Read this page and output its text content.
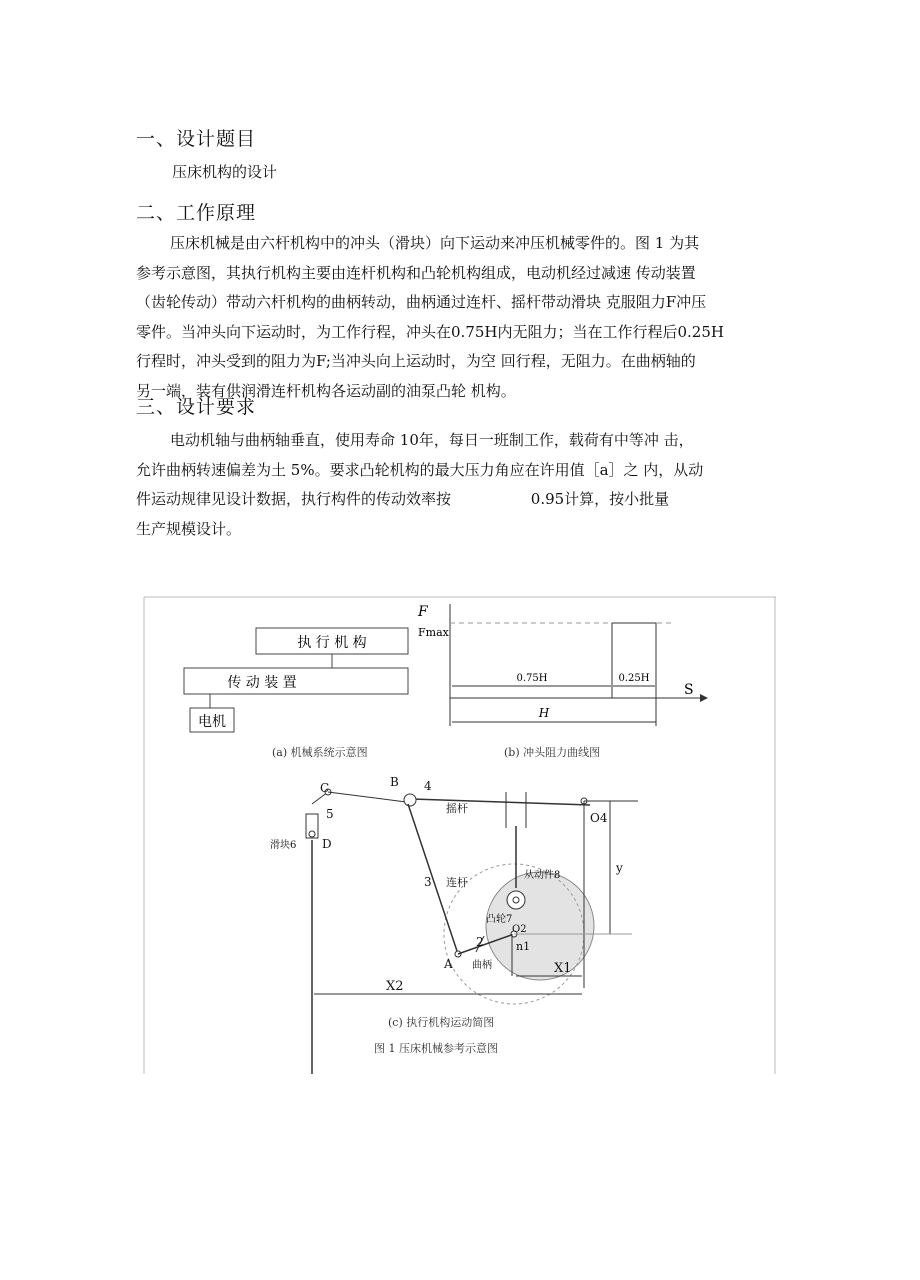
一、设计题目
压床机构的设计
二、工作原理

压床机械是由六杆机构中的冲头（滑块）向下运动来冲压机械零件的。图 1 为其

参考示意图，其执行机构主要由连杆机构和凸轮机构组成，电动机经过减速 传动装置

（齿轮传动）带动六杆机构的曲柄转动，曲柄通过连杆、摇杆带动滑块 克服阻力F冲压

零件。当冲头向下运动时，为工作行程，冲头在0.75H内无阻力；当在工作行程后0.25H

行程时，冲头受到的阻力为F;当冲头向上运动时，为空 回行程，无阻力。在曲柄轴的

另一端，装有供润滑连杆机构各运动副的油泵凸轮 机构。

三、设计要求

电动机轴与曲柄轴垂直，使用寿命 10年，每日一班制工作，载荷有中等冲 击，

允许曲柄转速偏差为土 5%。要求凸轮机构的最大压力角应在许用值［a］之 内，从动

件运动规律见设计数据，执行构件的传动效率按 　　　　　0.95计算，按小批量

生产规模设计。

执 行 机 构
传 动 装 置
电机
(a) 机械系统示意图
F
Fmax
S
0.75H	0.25H
H
(b) 冲头阻力曲线图
C	B 4
5	摇杆
O4
滑块6 D
y
3 连杆
从动件8
凸轮7
2
O2
n1
A 曲柄	X1
X2
(c) 执行机构运动简图
图 1 压床机械参考示意图
